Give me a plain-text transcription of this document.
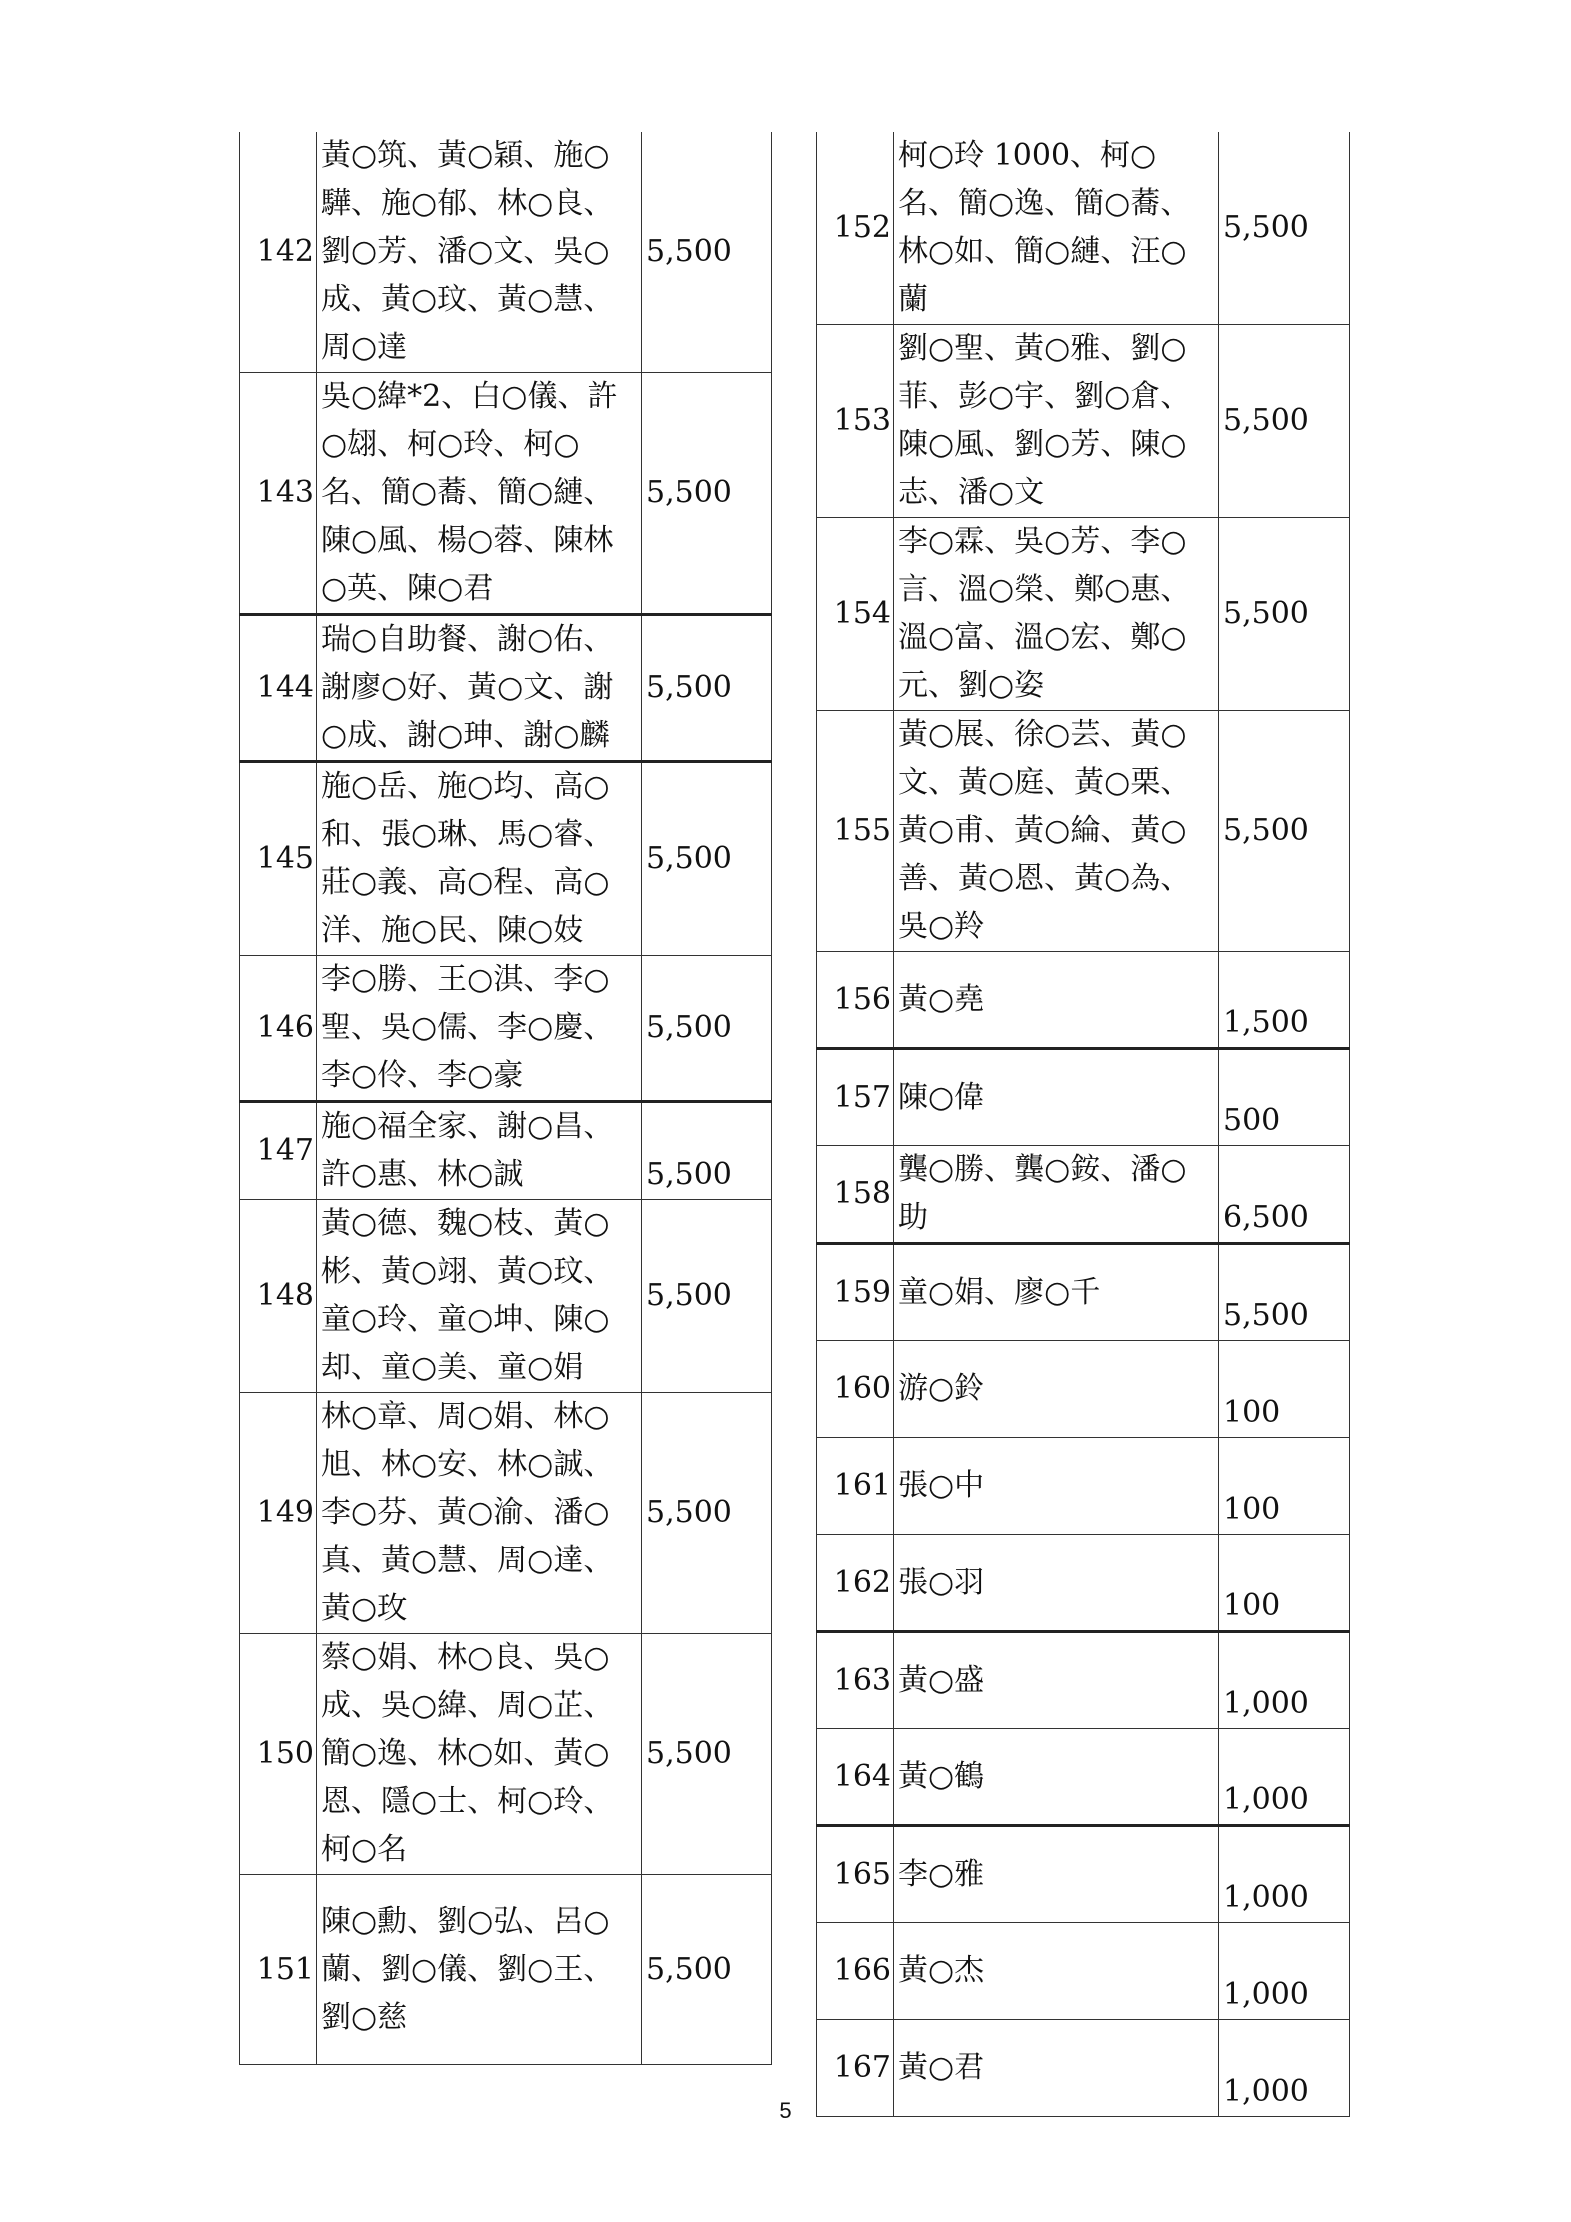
142	黃○筑、黃○穎、施○驊、施○郁、林○良、劉○芳、潘○文、吳○成、黃○玟、黃○慧、周○達	5,500
143	吳○緯*2、白○儀、許○翃、柯○玲、柯○名、簡○蕎、簡○縺、陳○風、楊○蓉、陳林○英、陳○君	5,500
144	瑞○自助餐、謝○佑、謝廖○好、黃○文、謝○成、謝○珅、謝○麟	5,500
145	施○岳、施○均、高○和、張○琳、馬○睿、莊○義、高○程、高○洋、施○民、陳○妓	5,500
146	李○勝、王○淇、李○聖、吳○儒、李○慶、李○伶、李○豪	5,500
147	施○福全家、謝○昌、許○惠、林○誠	5,500
148	黃○德、魏○枝、黃○彬、黃○翊、黃○玟、童○玲、童○坤、陳○却、童○美、童○娟	5,500
149	林○章、周○娟、林○旭、林○安、林○誠、李○芬、黃○渝、潘○真、黃○慧、周○達、黃○玫	5,500
150	蔡○娟、林○良、吳○成、吳○緯、周○芷、簡○逸、林○如、黃○恩、隱○士、柯○玲、柯○名	5,500
151	陳○勳、劉○弘、呂○蘭、劉○儀、劉○王、劉○慈	5,500
152	柯○玲 1000、柯○名、簡○逸、簡○蕎、林○如、簡○縺、汪○蘭	5,500
153	劉○聖、黃○雅、劉○菲、彭○宇、劉○倉、陳○風、劉○芳、陳○志、潘○文	5,500
154	李○霖、吳○芳、李○言、溫○榮、鄭○惠、溫○富、溫○宏、鄭○元、劉○姿	5,500
155	黃○展、徐○芸、黃○文、黃○庭、黃○栗、黃○甫、黃○綸、黃○善、黃○恩、黃○為、吳○羚	5,500
156	黃○堯	1,500
157	陳○偉	500
158	龔○勝、龔○銨、潘○助	6,500
159	童○娟、廖○千	5,500
160	游○鈴	100
161	張○中	100
162	張○羽	100
163	黃○盛	1,000
164	黃○鶴	1,000
165	李○雅	1,000
166	黃○杰	1,000
167	黃○君	1,000
5
